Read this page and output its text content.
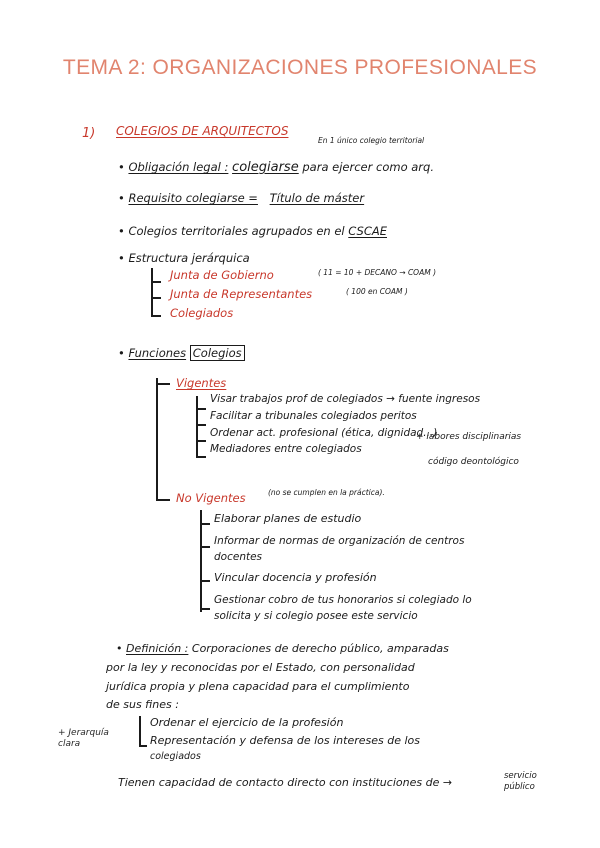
TEMA 2: ORGANIZACIONES PROFESIONALES
1) COLEGIOS DE ARQUITECTOS
En 1 único colegio territorial
• Obligación legal : colegiarse para ejercer como arq.
• Requisito colegiarse = Título de máster
• Colegios territoriales agrupados en el CSCAE
• Estructura jerárquica
Junta de Gobierno	( 11 = 10 + DECANO → COAM )
Junta de Representantes	( 100 en COAM )
Colegiados
• Funciones Colegios
Vigentes
Visar trabajos prof de colegiados → fuente ingresos
Facilitar a tribunales colegiados peritos
Ordenar act. profesional (ética, dignidad...)
+ labores disciplinarias
Mediadores entre colegiados
código deontológico
No Vigentes	(no se cumplen en la práctica).
Elaborar planes de estudio
Informar de normas de organización de centros
docentes
Vincular docencia y profesión
Gestionar cobro de tus honorarios si colegiado lo
solicita y si colegio posee este servicio
• Definición : Corporaciones de derecho público, amparadas
por la ley y reconocidas por el Estado, con personalidad
jurídica propia y plena capacidad para el cumplimiento
de sus fines :
+ Jerarquía clara
Ordenar el ejercicio de la profesión
Representación y defensa de los intereses de los
colegiados
Tienen capacidad de contacto directo con instituciones de →	servicio público
